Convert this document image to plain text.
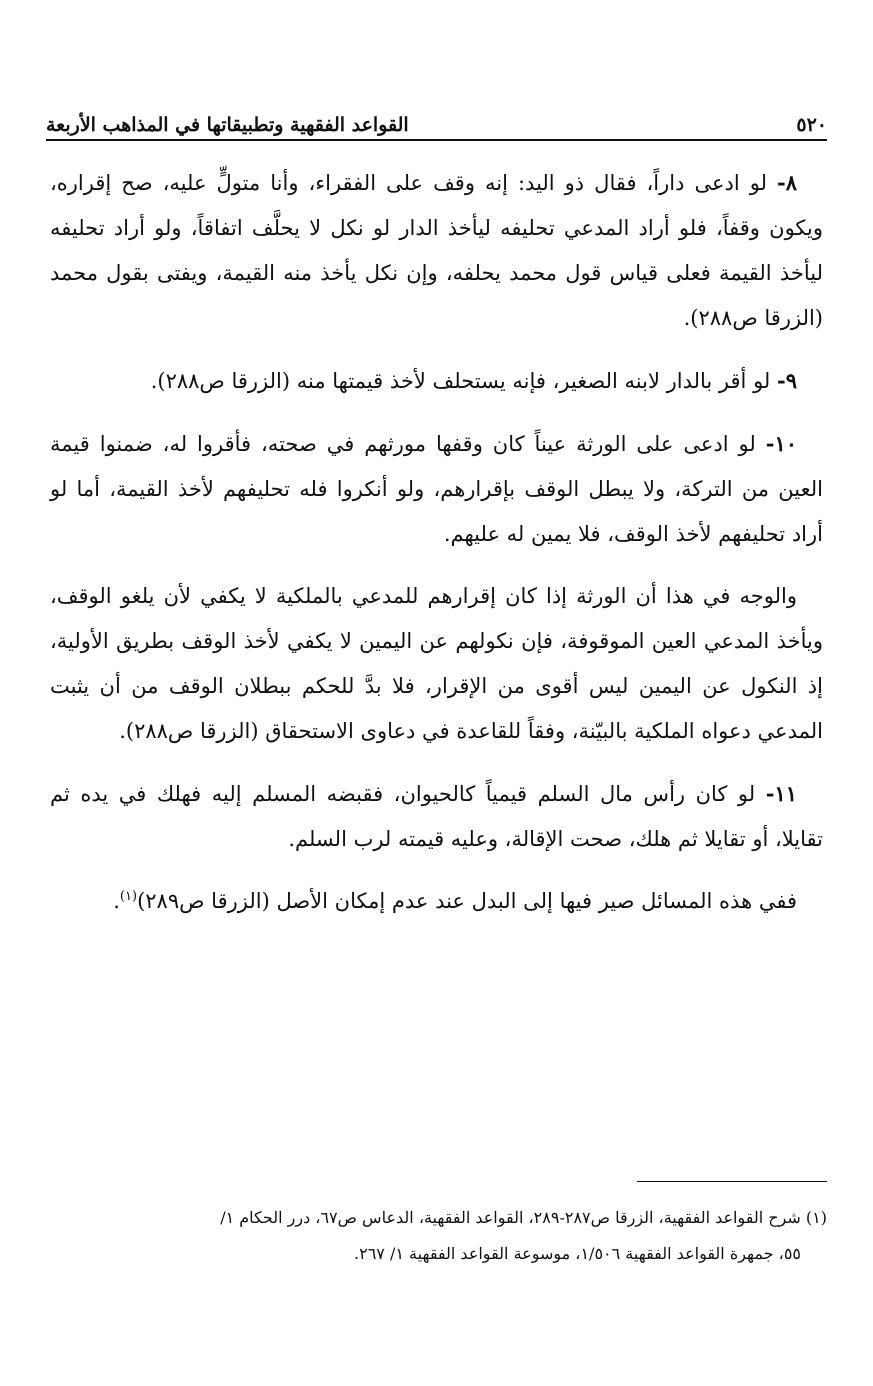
٥٢٠
القواعد الفقهية وتطبيقاتها في المذاهب الأربعة

٨- لو ادعى داراً، فقال ذو اليد: إنه وقف على الفقراء، وأنا متولٍّ عليه، صح إقراره، ويكون وقفاً، فلو أراد المدعي تحليفه ليأخذ الدار لو نكل لا يحلَّف اتفاقاً، ولو أراد تحليفه ليأخذ القيمة فعلى قياس قول محمد يحلفه، وإن نكل يأخذ منه القيمة، ويفتى بقول محمد (الزرقا ص٢٨٨).

٩- لو أقر بالدار لابنه الصغير، فإنه يستحلف لأخذ قيمتها منه (الزرقا ص٢٨٨).

١٠- لو ادعى على الورثة عيناً كان وقفها مورثهم في صحته، فأقروا له، ضمنوا قيمة العين من التركة، ولا يبطل الوقف بإقرارهم، ولو أنكروا فله تحليفهم لأخذ القيمة، أما لو أراد تحليفهم لأخذ الوقف، فلا يمين له عليهم.

والوجه في هذا أن الورثة إذا كان إقرارهم للمدعي بالملكية لا يكفي لأن يلغو الوقف، ويأخذ المدعي العين الموقوفة، فإن نكولهم عن اليمين لا يكفي لأخذ الوقف بطريق الأولية، إذ النكول عن اليمين ليس أقوى من الإقرار، فلا بدَّ للحكم ببطلان الوقف من أن يثبت المدعي دعواه الملكية بالبيّنة، وفقاً للقاعدة في دعاوى الاستحقاق (الزرقا ص٢٨٨).

١١- لو كان رأس مال السلم قيمياً كالحيوان، فقبضه المسلم إليه فهلك في يده ثم تقايلا، أو تقايلا ثم هلك، صحت الإقالة، وعليه قيمته لرب السلم.

ففي هذه المسائل صير فيها إلى البدل عند عدم إمكان الأصل (الزرقا ص٢٨٩)$^{(١)}$.

(١) شرح القواعد الفقهية، الزرقا ص٢٨٧-٢٨٩، القواعد الفقهية، الدعاس ص٦٧، درر الحكام ١/

٥٥، جمهرة القواعد الفقهية ١/٥٠٦، موسوعة القواعد الفقهية ١/ ٢٦٧.
